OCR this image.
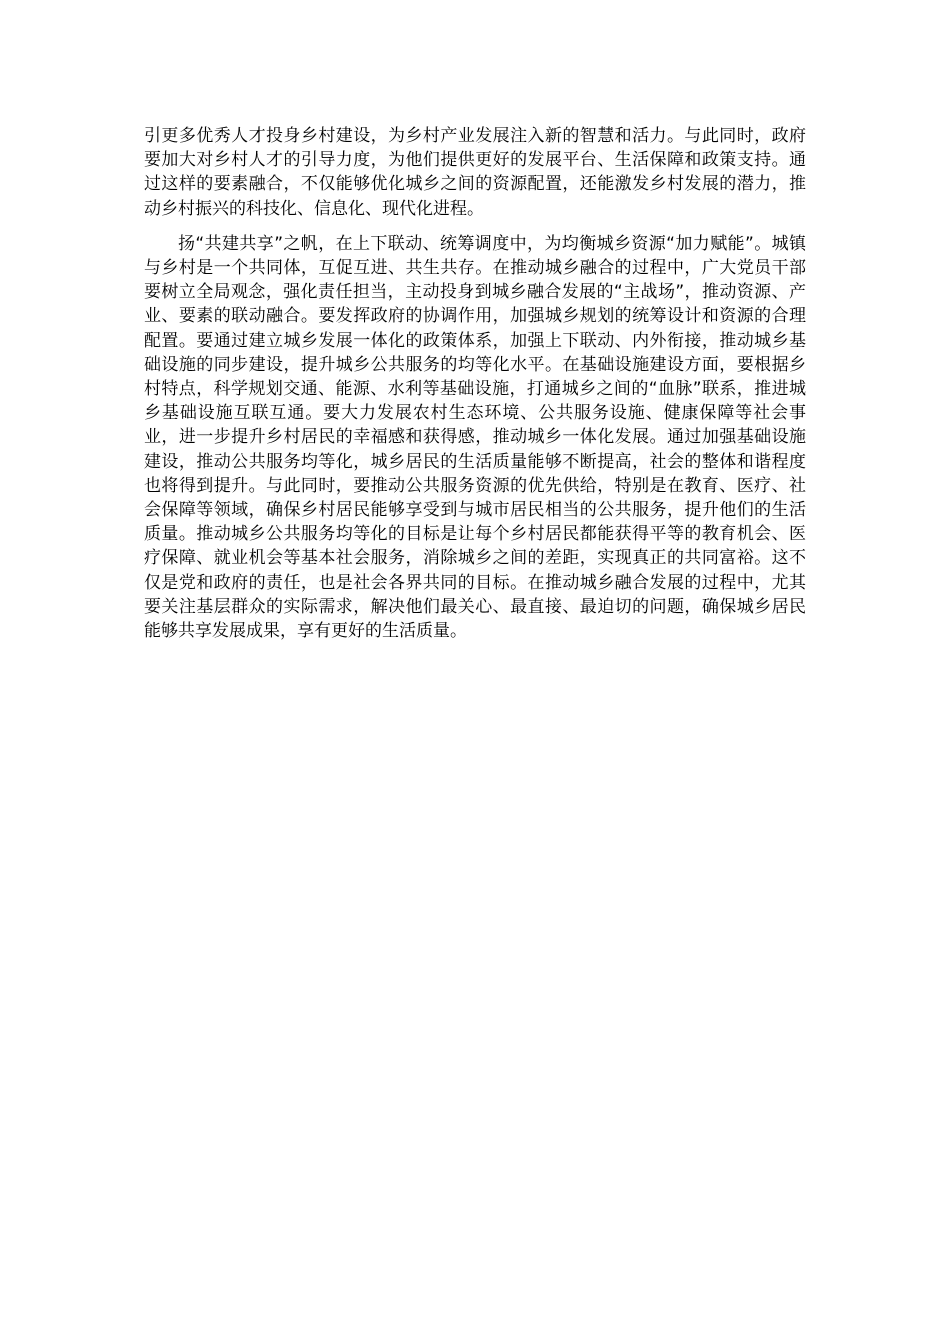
引更多优秀人才投身乡村建设，为乡村产业发展注入新的智慧和活力。与此同时，政府要加大对乡村人才的引导力度，为他们提供更好的发展平台、生活保障和政策支持。通过这样的要素融合，不仅能够优化城乡之间的资源配置，还能激发乡村发展的潜力，推动乡村振兴的科技化、信息化、现代化进程。

扬“共建共享”之帆，在上下联动、统筹调度中，为均衡城乡资源“加力赋能”。城镇与乡村是一个共同体，互促互进、共生共存。在推动城乡融合的过程中，广大党员干部要树立全局观念，强化责任担当，主动投身到城乡融合发展的“主战场”，推动资源、产业、要素的联动融合。要发挥政府的协调作用，加强城乡规划的统筹设计和资源的合理配置。要通过建立城乡发展一体化的政策体系，加强上下联动、内外衔接，推动城乡基础设施的同步建设，提升城乡公共服务的均等化水平。在基础设施建设方面，要根据乡村特点，科学规划交通、能源、水利等基础设施，打通城乡之间的“血脉”联系，推进城乡基础设施互联互通。要大力发展农村生态环境、公共服务设施、健康保障等社会事业，进一步提升乡村居民的幸福感和获得感，推动城乡一体化发展。通过加强基础设施建设，推动公共服务均等化，城乡居民的生活质量能够不断提高，社会的整体和谐程度也将得到提升。与此同时，要推动公共服务资源的优先供给，特别是在教育、医疗、社会保障等领域，确保乡村居民能够享受到与城市居民相当的公共服务，提升他们的生活质量。推动城乡公共服务均等化的目标是让每个乡村居民都能获得平等的教育机会、医疗保障、就业机会等基本社会服务，消除城乡之间的差距，实现真正的共同富裕。这不仅是党和政府的责任，也是社会各界共同的目标。在推动城乡融合发展的过程中，尤其要关注基层群众的实际需求，解决他们最关心、最直接、最迫切的问题，确保城乡居民能够共享发展成果，享有更好的生活质量。
